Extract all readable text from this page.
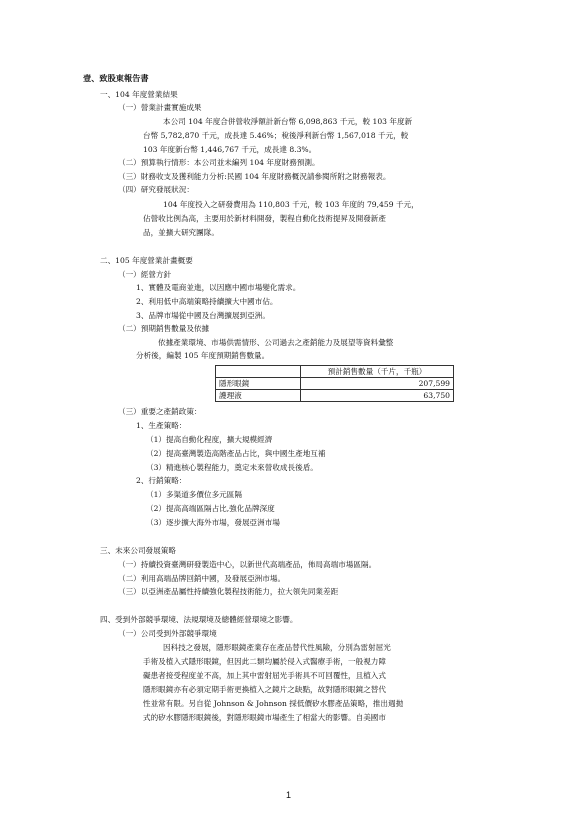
壹、致股東報告書
一、104 年度營業結果
（一）營業計畫實施成果
本公司 104 年度合併營收淨額計新台幣 6,098,863 千元，較 103 年度新
台幣 5,782,870 千元，成長達 5.46%；稅後淨利新台幣 1,567,018 千元，較
103 年度新台幣 1,446,767 千元，成長達 8.3%。
（二）預算執行情形：本公司並未編列 104 年度財務預測。
（三）財務收支及獲利能力分析:民國 104 年度財務概況請參閱所附之財務報表。
（四）研究發展狀況：
104 年度投入之研發費用為 110,803 千元，較 103 年度的 79,459 千元，
佔營收比例為高，主要用於新材料開發，製程自動化技術提昇及開發新產
品，並擴大研究團隊。
二、105 年度營業計畫概要
（一）經營方針
1、實體及電商並進，以因應中國市場變化需求。
2、利用低中高端策略持續擴大中國市佔。
3、品牌市場從中國及台灣擴展到亞洲。
（二）預期銷售數量及依據
依據產業環境、市場供需情形、公司過去之產銷能力及展望等資料彙整
分析後，編製 105 年度預期銷售數量。
	預計銷售數量（千片，千瓶）
隱形眼鏡	207,599
護理液	63,750
（三）重要之產銷政策：
1、生產策略：
（1）提高自動化程度，擴大規模經濟
（2）提高臺灣製造高階產品占比，與中國生產地互補
（3）精進核心製程能力，奠定未來營收成長後盾。
2、行銷策略：
（1）多渠道多價位多元區隔
（2）提高高端區隔占比,強化品牌深度
（3）逐步擴大海外市場，發展亞洲市場
三、未來公司發展策略
（一）持續投資臺灣研發製造中心，以新世代高端產品，佈局高端市場區隔。
（二）利用高端品牌回銷中國，及發展亞洲市場。
（三）以亞洲產品屬性持續強化製程技術能力，拉大領先同業差距
四、受到外部競爭環境、法規環境及總體經營環境之影響。
（一）公司受到外部競爭環境
因科技之發展，隱形眼鏡產業存在產品替代性風險，分別為雷射屈光
手術及植入式隱形眼鏡，但因此二類均屬於侵入式醫療手術，一般視力障
礙患者接受程度並不高，加上其中雷射屈光手術具不可回覆性，且植入式
隱形眼鏡亦有必須定期手術更換植入之鏡片之缺點，故對隱形眼鏡之替代
性並常有限。另自從 Johnson & Johnson 採低價矽水膠產品策略，推出週拋
式的矽水膠隱形眼鏡後，對隱形眼鏡市場產生了相當大的影響。自美國市
1
